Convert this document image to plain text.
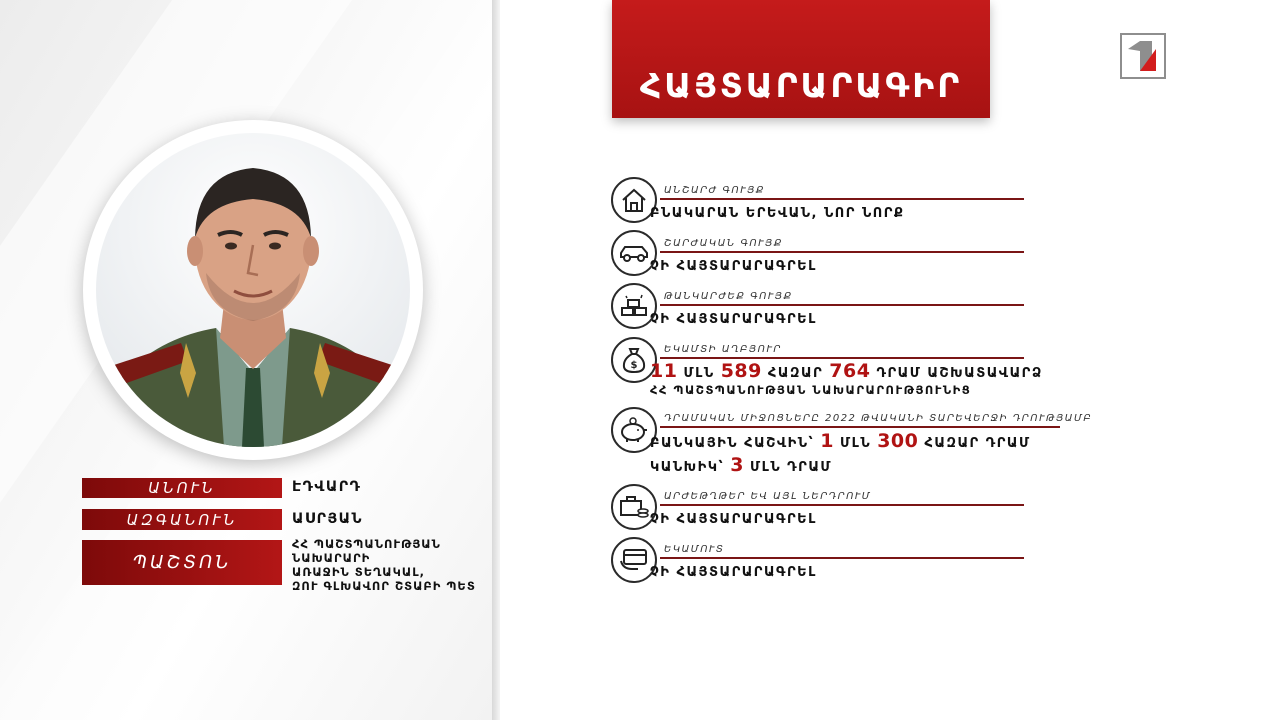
ԱՆՈՒՆ	ԷԴՎԱՐԴ
ԱԶԳԱՆՈՒՆ	ԱՍՐՅԱՆ
ՊԱՇՏՈՆ
ՀՀ ՊԱՇՏՊԱՆՈՒԹՅԱՆ
ՆԱԽԱՐԱՐԻ
ԱՌԱՋԻՆ ՏԵՂԱԿԱԼ,
ԶՈՒ ԳԼԽԱՎՈՐ ՇՏԱԲԻ ՊԵՏ
ՀԱՅՏԱՐԱՐԱԳԻՐ
1
ԱՆՇԱՐԺ ԳՈՒՅՔ
ԲՆԱԿԱՐԱՆ ԵՐԵՎԱՆ, ՆՈՐ ՆՈՐՔ
ՇԱՐԺԱԿԱՆ ԳՈՒՅՔ
ՉԻ ՀԱՅՏԱՐԱՐԱԳՐԵԼ
ԹԱՆԿԱՐԺԵՔ ԳՈՒՅՔ
ՉԻ ՀԱՅՏԱՐԱՐԱԳՐԵԼ
$
ԵԿԱՄՏԻ ԱՂԲՅՈՒՐ
11 ՄԼՆ 589 ՀԱԶԱՐ 764 ԴՐԱՄ ԱՇԽԱՏԱՎԱՐՁ
ՀՀ ՊԱՇՏՊԱՆՈՒԹՅԱՆ ՆԱԽԱՐԱՐՈՒԹՅՈՒՆԻՑ
ԴՐԱՄԱԿԱՆ ՄԻՋՈՑՆԵՐԸ 2022 ԹՎԱԿԱՆԻ ՏԱՐԵՎԵՐՋԻ ԴՐՈՒԹՅԱՄԲ
ԲԱՆԿԱՅԻՆ ՀԱՇՎԻՆ՝ 1 ՄԼՆ 300 ՀԱԶԱՐ ԴՐԱՄ
ԿԱՆԽԻԿ՝ 3 ՄԼՆ ԴՐԱՄ
ԱՐԺԵԹՂԹԵՐ ԵՎ ԱՅԼ ՆԵՐԴՐՈՒՄ
ՉԻ ՀԱՅՏԱՐԱՐԱԳՐԵԼ
ԵԿԱՄՈՒՏ
ՉԻ ՀԱՅՏԱՐԱՐԱԳՐԵԼ
